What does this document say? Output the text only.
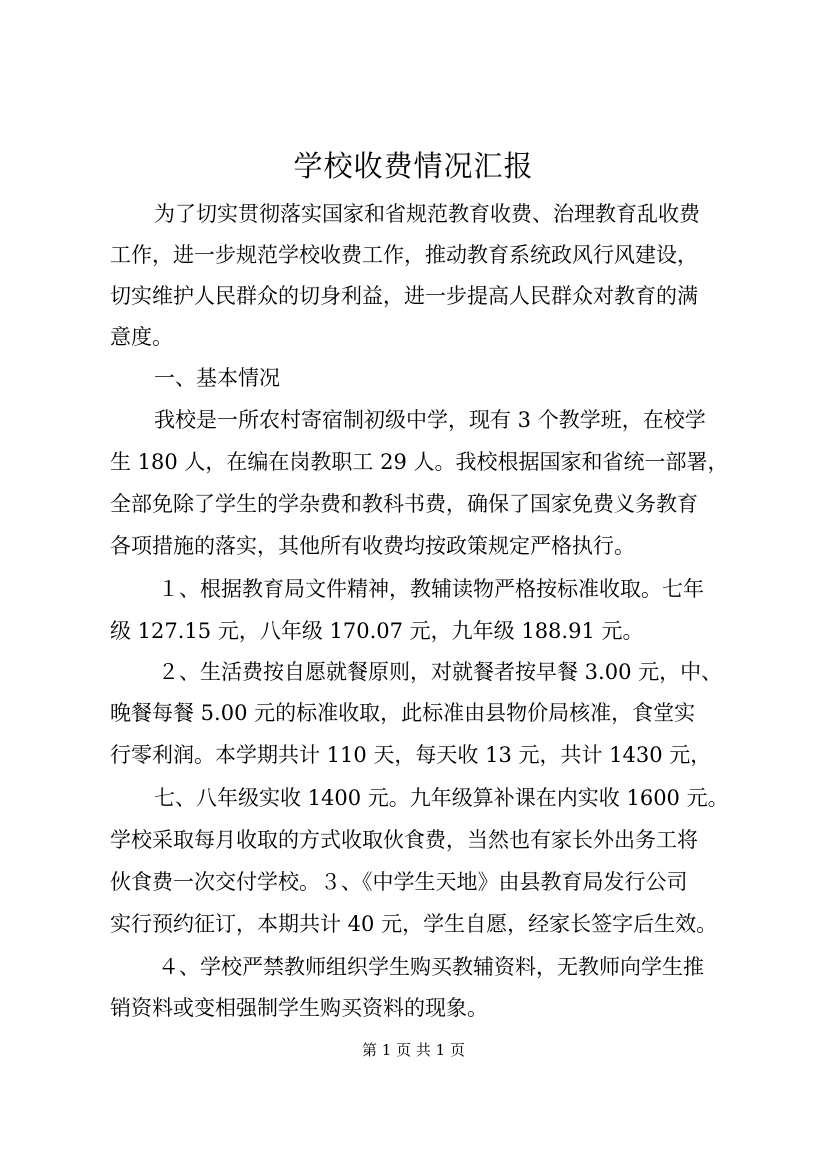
学校收费情况汇报

为了切实贯彻落实国家和省规范教育收费、治理教育乱收费

工作，进一步规范学校收费工作，推动教育系统政风行风建设，

切实维护人民群众的切身利益，进一步提高人民群众对教育的满

意度。

一、基本情况

我校是一所农村寄宿制初级中学，现有 3 个教学班，在校学

生 180 人，在编在岗教职工 29 人。我校根据国家和省统一部署，

全部免除了学生的学杂费和教科书费，确保了国家免费义务教育

各项措施的落实，其他所有收费均按政策规定严格执行。

１、根据教育局文件精神，教辅读物严格按标准收取。七年

级 127.15 元，八年级 170.07 元，九年级 188.91 元。

２、生活费按自愿就餐原则，对就餐者按早餐 3.00 元，中、

晚餐每餐 5.00 元的标准收取，此标准由县物价局核准，食堂实

行零利润。本学期共计 110 天，每天收 13 元，共计 1430 元，

七、八年级实收 1400 元。九年级算补课在内实收 1600 元。

学校采取每月收取的方式收取伙食费，当然也有家长外出务工将

伙食费一次交付学校。３、《中学生天地》由县教育局发行公司

实行预约征订，本期共计 40 元，学生自愿，经家长签字后生效。

４、学校严禁教师组织学生购买教辅资料，无教师向学生推

销资料或变相强制学生购买资料的现象。

第 1 页 共 1 页
